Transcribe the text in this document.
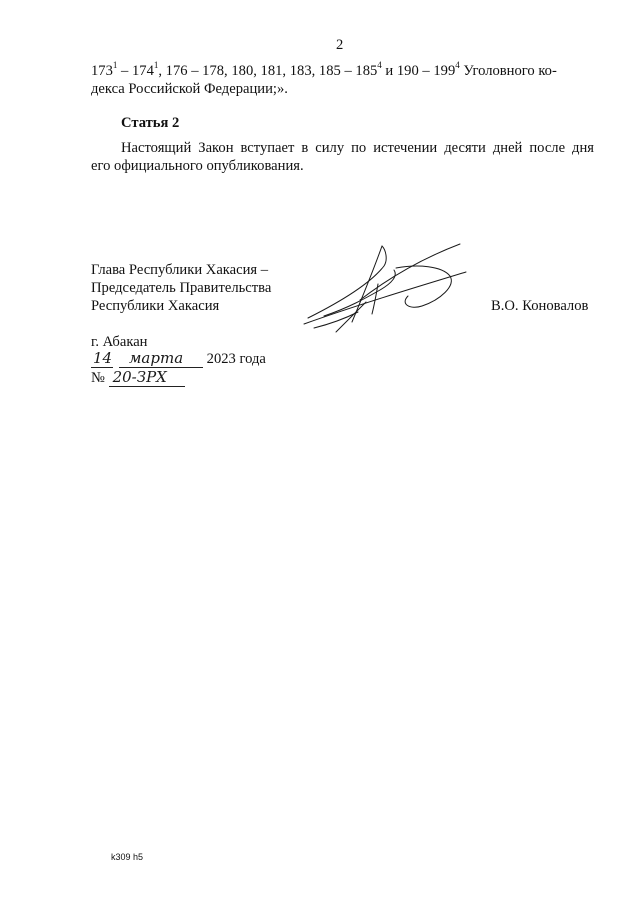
2
$173^1 - 174^1$, 176 – 178, 180, 181, 183, $185 - 185^4$ и $190 - 199^4$ Уголовного ко-
декса Российской Федерации;».
Статья 2
Настоящий Закон вступает в силу по истечении десяти дней после дня
его официального опубликования.
Глава Республики Хакасия –
Председатель Правительства
Республики Хакасия	В.О. Коновалов
г. Абакан
14 марта 2023 года
№ 20-ЗРХ
k309 h5
